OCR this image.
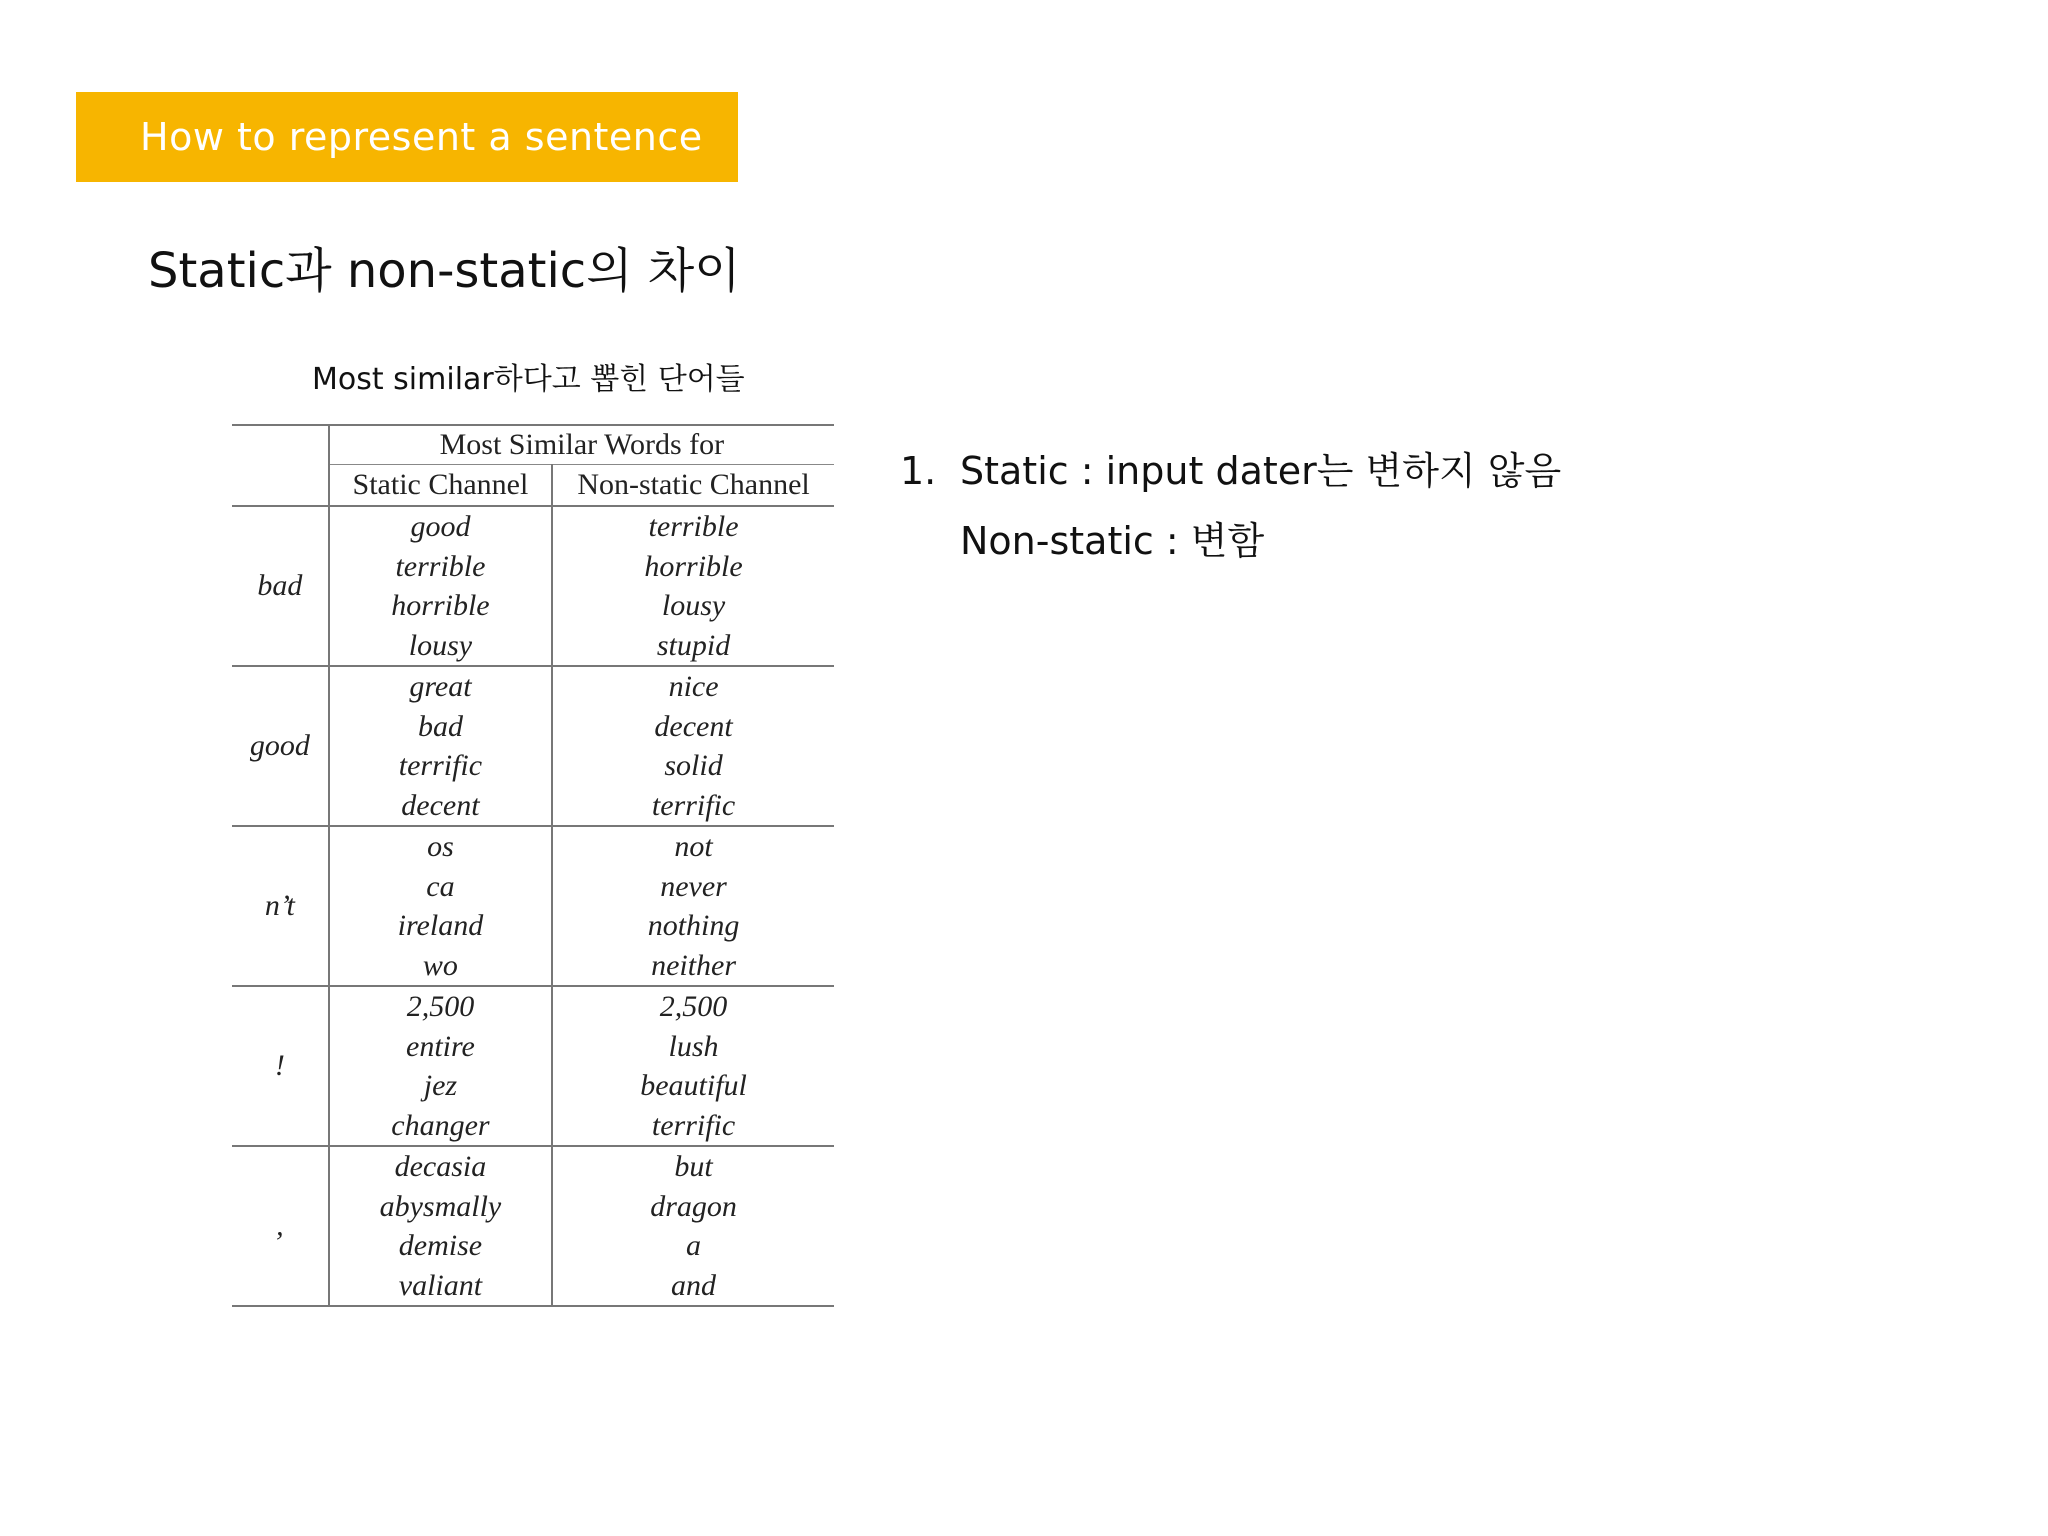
How to represent a sentence
Static과 non-static의 차이
Most similar하다고 뽑힌 단어들
	Most Similar Words for	
	Static Channel	Non-static Channel
bad	good	terrible
	terrible	horrible
	horrible	lousy
	lousy	stupid
good	great	nice
	bad	decent
	terrific	solid
	decent	terrific
n’t	os	not
	ca	never
	ireland	nothing
	wo	neither
!	2,500	2,500
	entire	lush
	jez	beautiful
	changer	terrific
,	decasia	but
	abysmally	dragon
	demise	a
	valiant	and
1. Static : input dater는 변하지 않음
Non-static : 변함
